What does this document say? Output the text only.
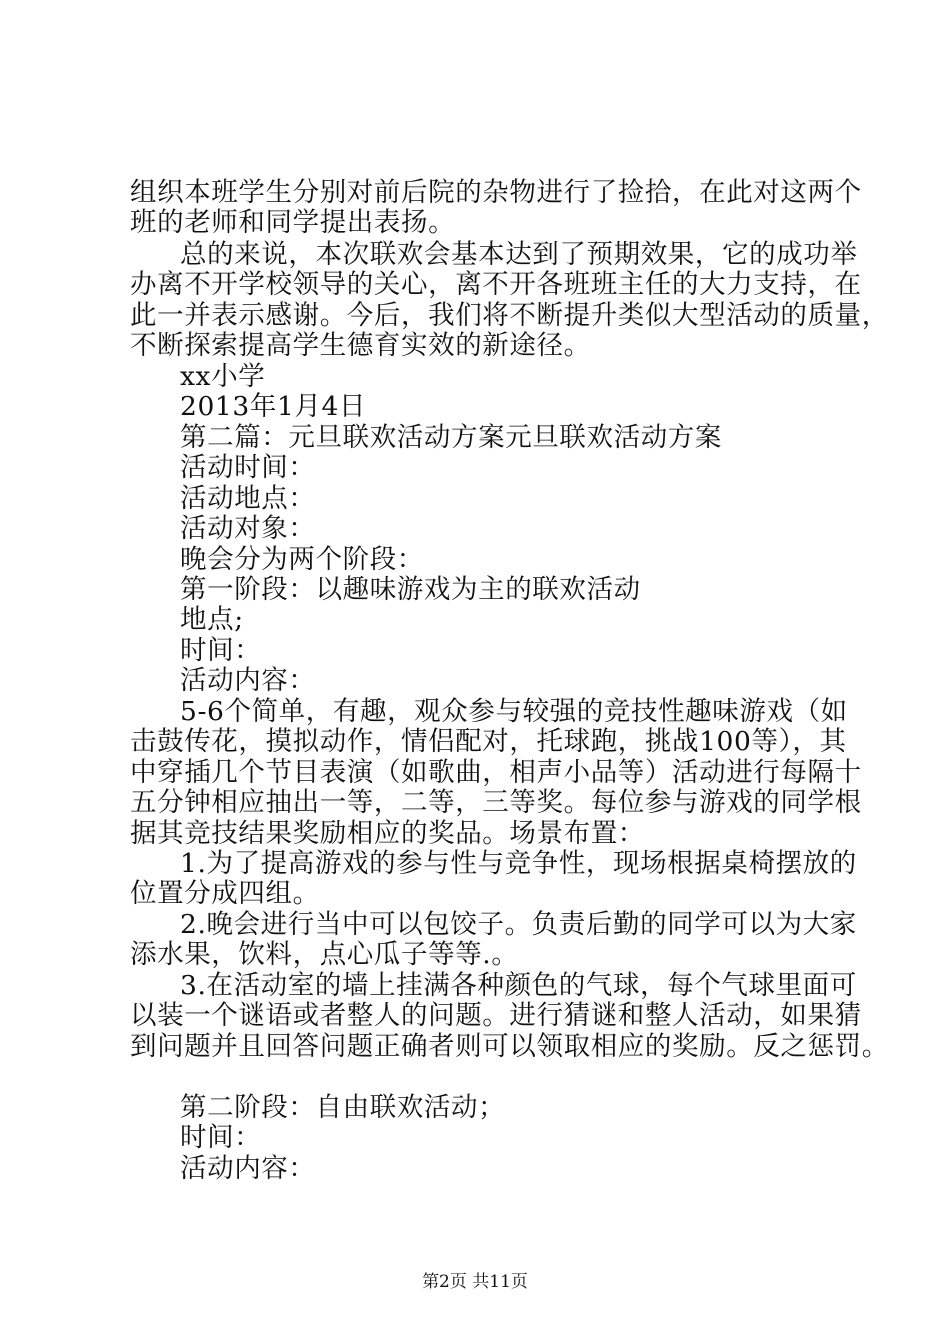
组织本班学生分别对前后院的杂物进行了捡拾，在此对这两个
班的老师和同学提出表扬。
总的来说，本次联欢会基本达到了预期效果，它的成功举
办离不开学校领导的关心，离不开各班班主任的大力支持，在
此一并表示感谢。今后，我们将不断提升类似大型活动的质量，
不断探索提高学生德育实效的新途径。
xx小学
2013年1月4日
第二篇：元旦联欢活动方案元旦联欢活动方案
活动时间：
活动地点：
活动对象：
晚会分为两个阶段：
第一阶段：以趣味游戏为主的联欢活动
地点;
时间：
活动内容：
5-6个简单，有趣，观众参与较强的竞技性趣味游戏（如
击鼓传花，摸拟动作，情侣配对，托球跑，挑战100等），其
中穿插几个节目表演（如歌曲，相声小品等）活动进行每隔十
五分钟相应抽出一等，二等，三等奖。每位参与游戏的同学根
据其竞技结果奖励相应的奖品。场景布置：
1.为了提高游戏的参与性与竞争性，现场根据桌椅摆放的
位置分成四组。
2.晚会进行当中可以包饺子。负责后勤的同学可以为大家
添水果，饮料，点心瓜子等等.。
3.在活动室的墙上挂满各种颜色的气球，每个气球里面可
以装一个谜语或者整人的问题。进行猜谜和整人活动，如果猜
到问题并且回答问题正确者则可以领取相应的奖励。反之惩罚。
第二阶段：自由联欢活动；
时间：
活动内容：
第2页 共11页
